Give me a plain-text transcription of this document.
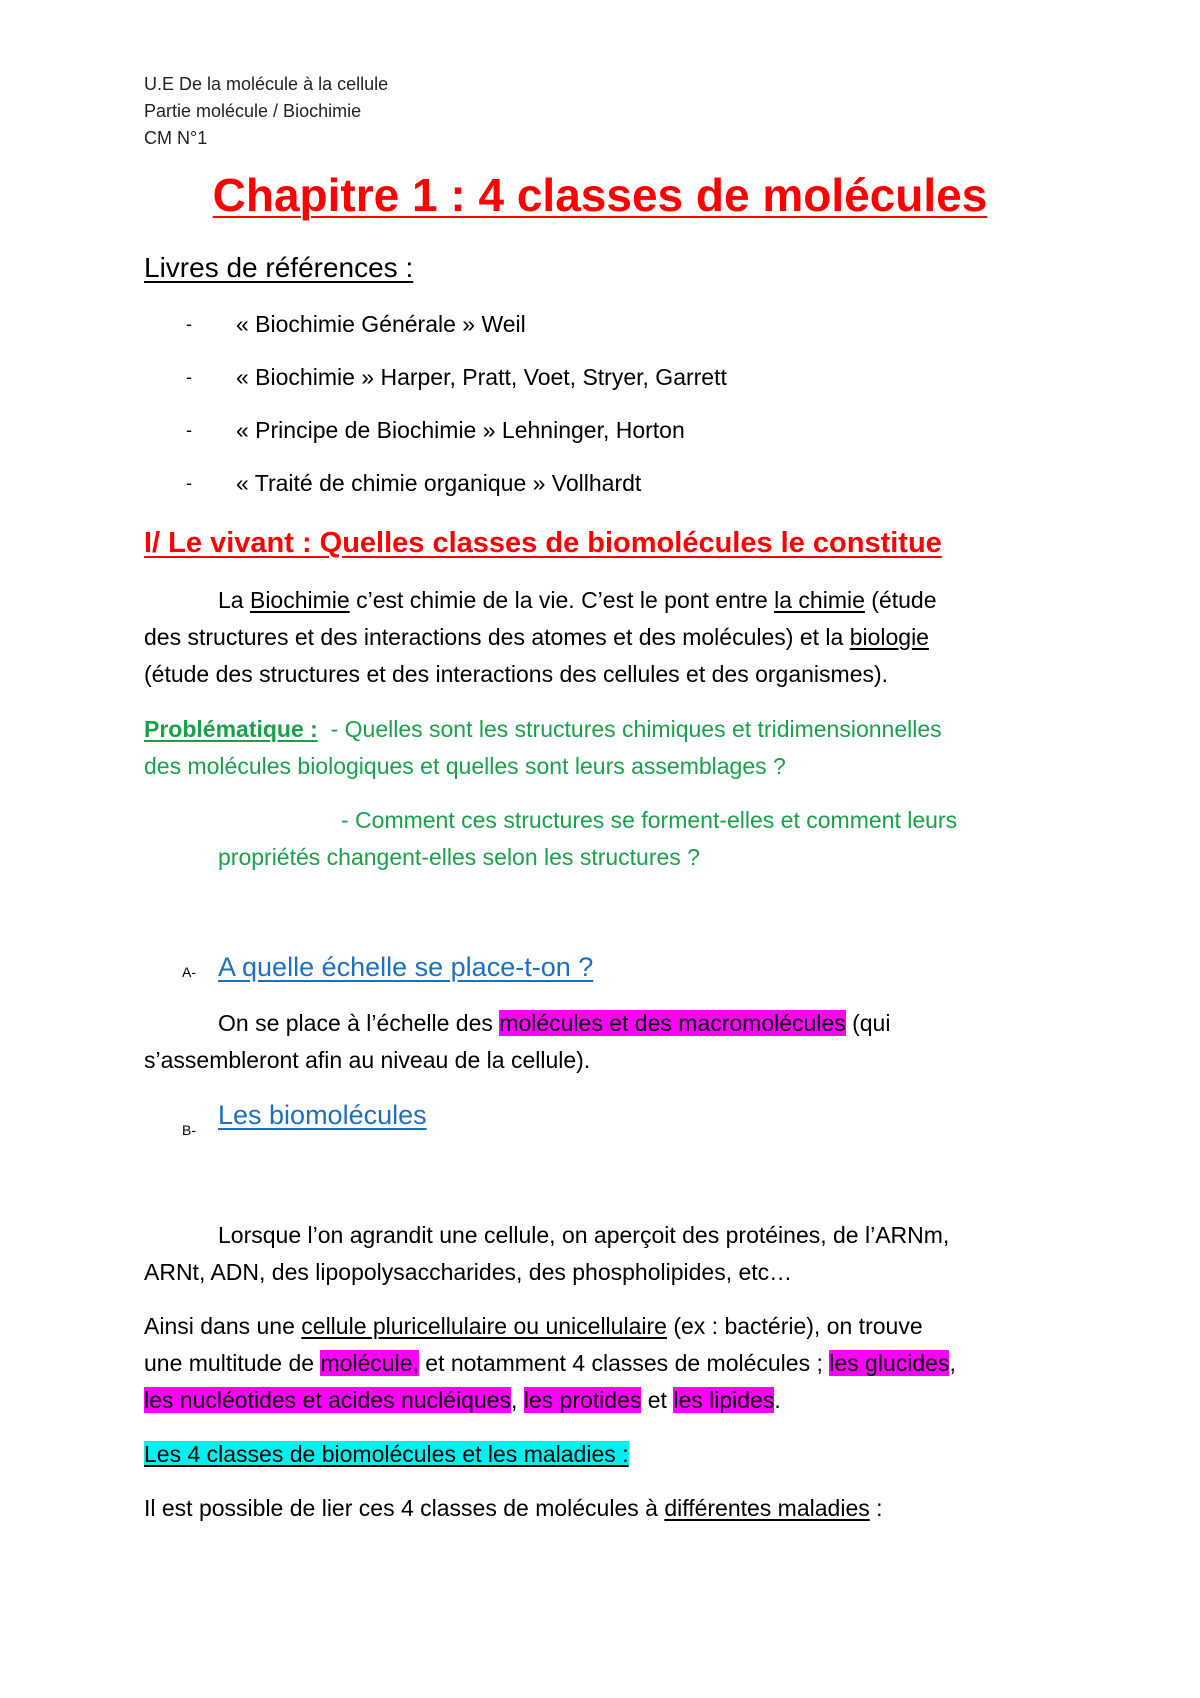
U.E De la molécule à la cellule
Partie molécule / Biochimie
CM N°1
Chapitre 1 : 4 classes de molécules
Livres de références :
- « Biochimie Générale » Weil
- « Biochimie » Harper, Pratt, Voet, Stryer, Garrett
- « Principe de Biochimie » Lehninger, Horton
- « Traité de chimie organique » Vollhardt
I/ Le vivant : Quelles classes de biomolécules le constitue
La Biochimie c’est chimie de la vie. C’est le pont entre la chimie (étude
des structures et des interactions des atomes et des molécules) et la biologie
(étude des structures et des interactions des cellules et des organismes).
Problématique :  - Quelles sont les structures chimiques et tridimensionnelles
des molécules biologiques et quelles sont leurs assemblages ?
- Comment ces structures se forment-elles et comment leurs
propriétés changent-elles selon les structures ?
A- A quelle échelle se place-t-on ?
On se place à l’échelle des molécules et des macromolécules (qui
s’assembleront afin au niveau de la cellule).
B- Les biomolécules
Lorsque l’on agrandit une cellule, on aperçoit des protéines, de l’ARNm,
ARNt, ADN, des lipopolysaccharides, des phospholipides, etc…
Ainsi dans une cellule pluricellulaire ou unicellulaire (ex : bactérie), on trouve
une multitude de molécule, et notamment 4 classes de molécules ; les glucides,
les nucléotides et acides nucléiques, les protides et les lipides.
Les 4 classes de biomolécules et les maladies :
Il est possible de lier ces 4 classes de molécules à différentes maladies :
